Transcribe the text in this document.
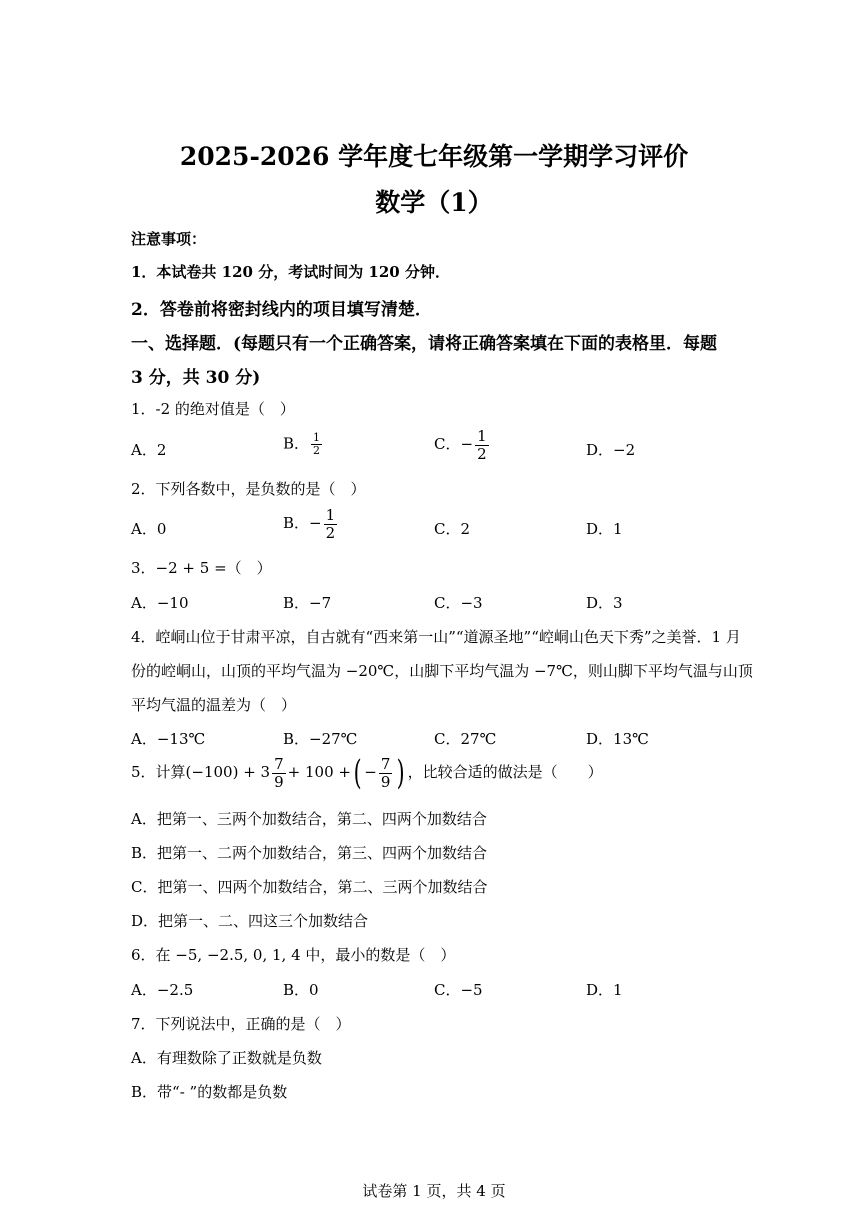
2025-2026 学年度七年级第一学期学习评价
数学（1）
注意事项：
1．本试卷共 120 分，考试时间为 120 分钟．
2．答卷前将密封线内的项目填写清楚．
一、选择题．(每题只有一个正确答案，请将正确答案填在下面的表格里．每题
3 分，共 30 分)
1．-2 的绝对值是（　）
A．2	B． $\frac{1}{2}$	C．− $\frac{1}{2}$	D．−2
2．下列各数中，是负数的是（　）
A．0	B．− $\frac{1}{2}$	C．2	D．1
3．−2 + 5 =（　）
A．−10	B．−7	C．−3	D．3
4．崆峒山位于甘肃平凉，自古就有“西来第一山”“道源圣地”“崆峒山色天下秀”之美誉．1 月
份的崆峒山，山顶的平均气温为 −20℃，山脚下平均气温为 −7℃，则山脚下平均气温与山顶
平均气温的温差为（　）
A．−13℃	B．−27℃	C．27℃	D．13℃
5．计算$(-100) + 3 \frac{7}{9} + 100$ +( − $\frac{7}{9}$ ) ，比较合适的做法是（　　）
A．把第一、三两个加数结合，第二、四两个加数结合
B．把第一、二两个加数结合，第三、四两个加数结合
C．把第一、四两个加数结合，第二、三两个加数结合
D．把第一、二、四这三个加数结合
6．在 −5, −2.5, 0, 1, 4 中，最小的数是（　）
A．−2.5	B．0	C．−5	D．1
7．下列说法中，正确的是（　）
A．有理数除了正数就是负数
B．带“- ”的数都是负数
试卷第 1 页，共 4 页
